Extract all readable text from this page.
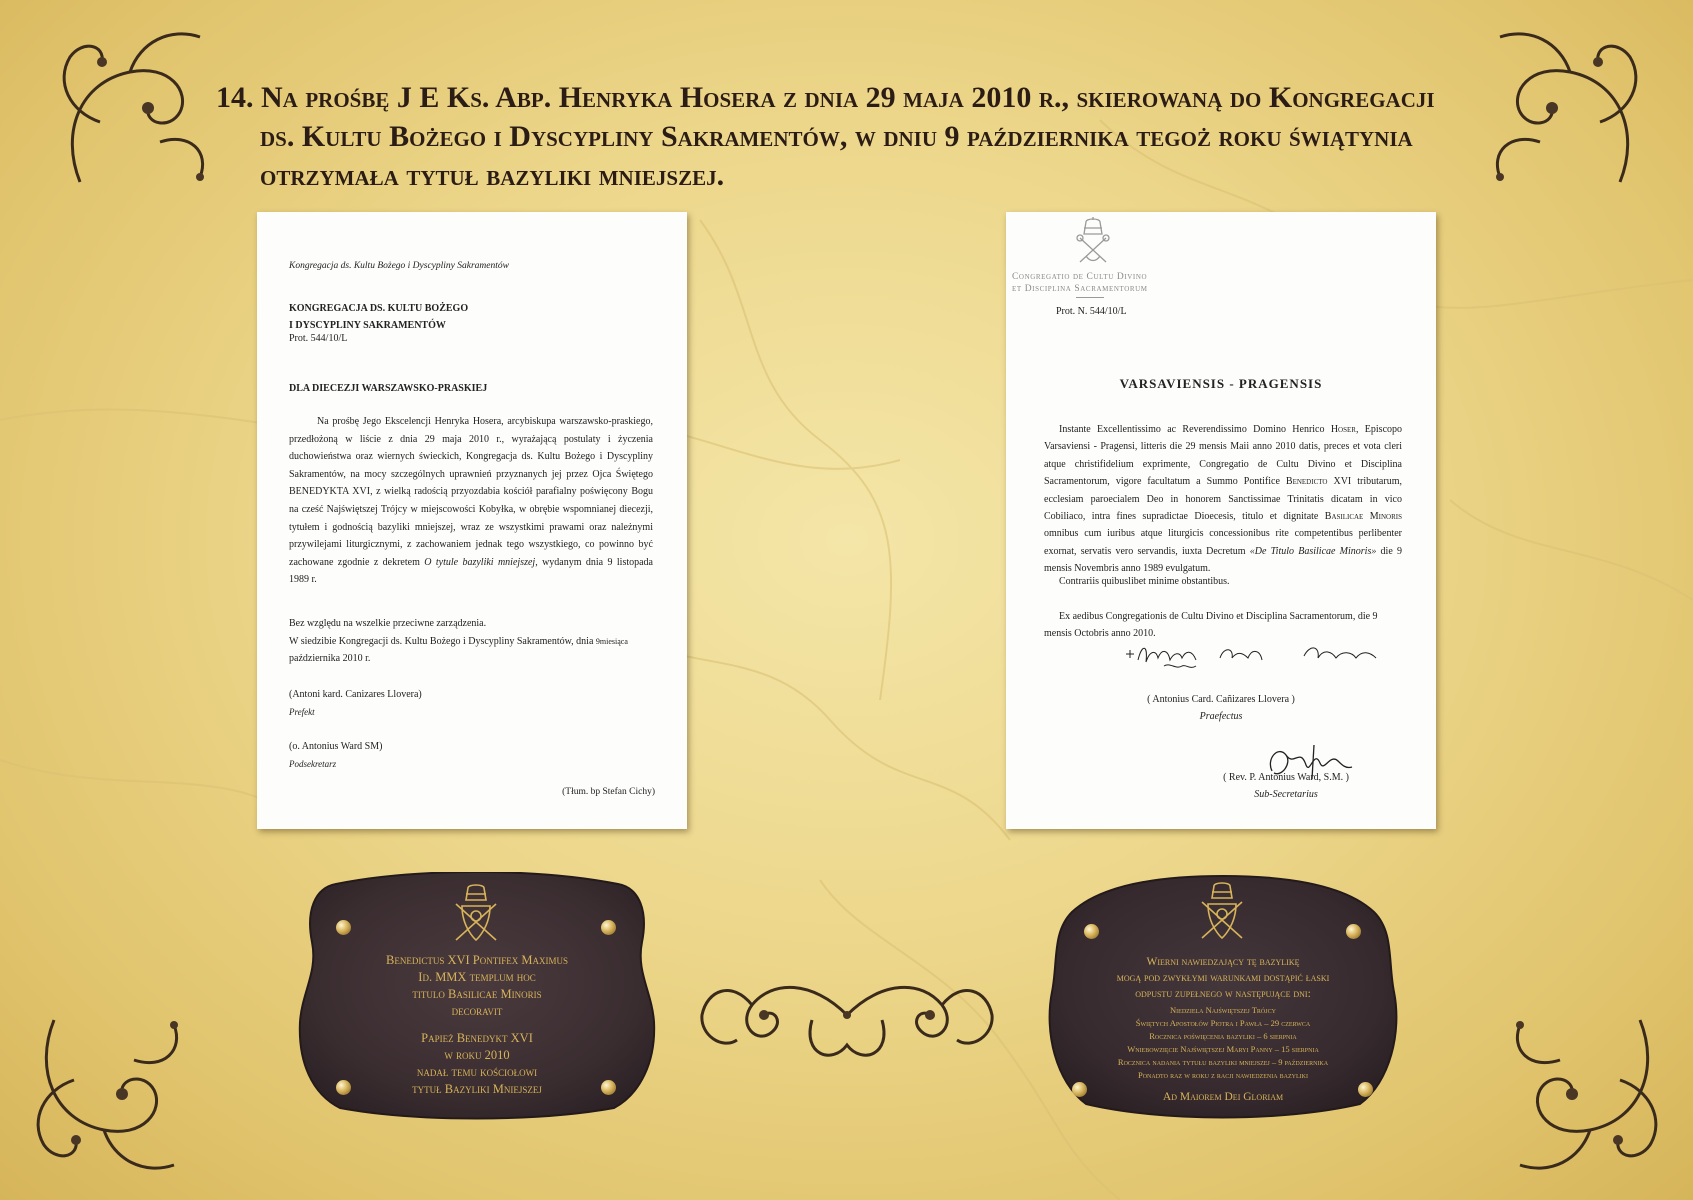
14. Na prośbę J E Ks. Abp. Henryka Hosera z dnia 29 maja 2010 r., skierowaną do Kongregacji
ds. Kultu Bożego i Dyscypliny Sakramentów, w dniu 9 października tegoż roku świątynia
otrzymała tytuł bazyliki mniejszej.
Kongregacja ds. Kultu Bożego i Dyscypliny Sakramentów
KONGREGACJA DS. KULTU BOŻEGO
I DYSCYPLINY SAKRAMENTÓW
Prot. 544/10/L
DLA DIECEZJI WARSZAWSKO-PRASKIEJ

Na prośbę Jego Ekscelencji Henryka Hosera, arcybiskupa warszawsko-praskiego, przedłożoną w liście z dnia 29 maja 2010 r., wyrażającą postulaty i życzenia duchowieństwa oraz wiernych świeckich, Kongregacja ds. Kultu Bożego i Dyscypliny Sakramentów, na mocy szczególnych uprawnień przyznanych jej przez Ojca Świętego BENEDYKTA XVI, z wielką radością przyozdabia kościół parafialny poświęcony Bogu na cześć Najświętszej Trójcy w miejscowości Kobyłka, w obrębie wspomnianej diecezji, tytułem i godnością bazyliki mniejszej, wraz ze wszystkimi prawami oraz należnymi przywilejami liturgicznymi, z zachowaniem jednak tego wszystkiego, co powinno być zachowane zgodnie z dekretem O tytule bazyliki mniejszej, wydanym dnia 9 listopada 1989 r.

Bez względu na wszelkie przeciwne zarządzenia.
W siedzibie Kongregacji ds. Kultu Bożego i Dyscypliny Sakramentów, dnia 9miesiąca
października 2010 r.

(Antoni kard. Canizares Llovera)
Prefekt
(o. Antonius Ward SM)
Podsekretarz
(Tłum. bp Stefan Cichy)
Congregatio de Cultu Divino
et Disciplina Sacramentorum
Prot. N. 544/10/L
VARSAVIENSIS - PRAGENSIS

Instante Excellentissimo ac Reverendissimo Domino Henrico Hoser, Episcopo Varsaviensi - Pragensi, litteris die 29 mensis Maii anno 2010 datis, preces et vota cleri atque christifidelium exprimente, Congregatio de Cultu Divino et Disciplina Sacramentorum, vigore facultatum a Summo Pontifice Benedicto XVI tributarum, ecclesiam paroecialem Deo in honorem Sanctissimae Trinitatis dicatam in vico Cobiliaco, intra fines supradictae Dioecesis, titulo et dignitate Basilicae Minoris omnibus cum iuribus atque liturgicis concessionibus rite competentibus perlibenter exornat, servatis vero servandis, iuxta Decretum «De Titulo Basilicae Minoris» die 9 mensis Novembris anno 1989 evulgatum.

Contrariis quibuslibet minime obstantibus.

Ex aedibus Congregationis de Cultu Divino et Disciplina Sacramentorum, die 9 mensis Octobris anno 2010.

( Antonius Card. Cañizares Llovera )
Praefectus
( Rev. P. Antonius Ward, S.M. )
Sub-Secretarius
Benedictus XVI Pontifex Maximus
Id. MMX templum hoc
titulo Basilicae Minoris
decoravit
Papież Benedykt XVI
w roku 2010
nadał temu kościołowi
tytuł Bazyliki Mniejszej
Wierni nawiedzający tę bazylikę
mogą pod zwykłymi warunkami dostąpić łaski
odpustu zupełnego w następujące dni:
Niedziela Najświętszej Trójcy
Świętych Apostołów Piotra i Pawła – 29 czerwca
Rocznica poświęcenia bazyliki – 6 sierpnia
Wniebowzięcie Najświętszej Maryi Panny – 15 sierpnia
Rocznica nadania tytułu bazyliki mniejszej – 9 października
Ponadto raz w roku z racji nawiedzenia bazyliki
Ad Maiorem Dei Gloriam
